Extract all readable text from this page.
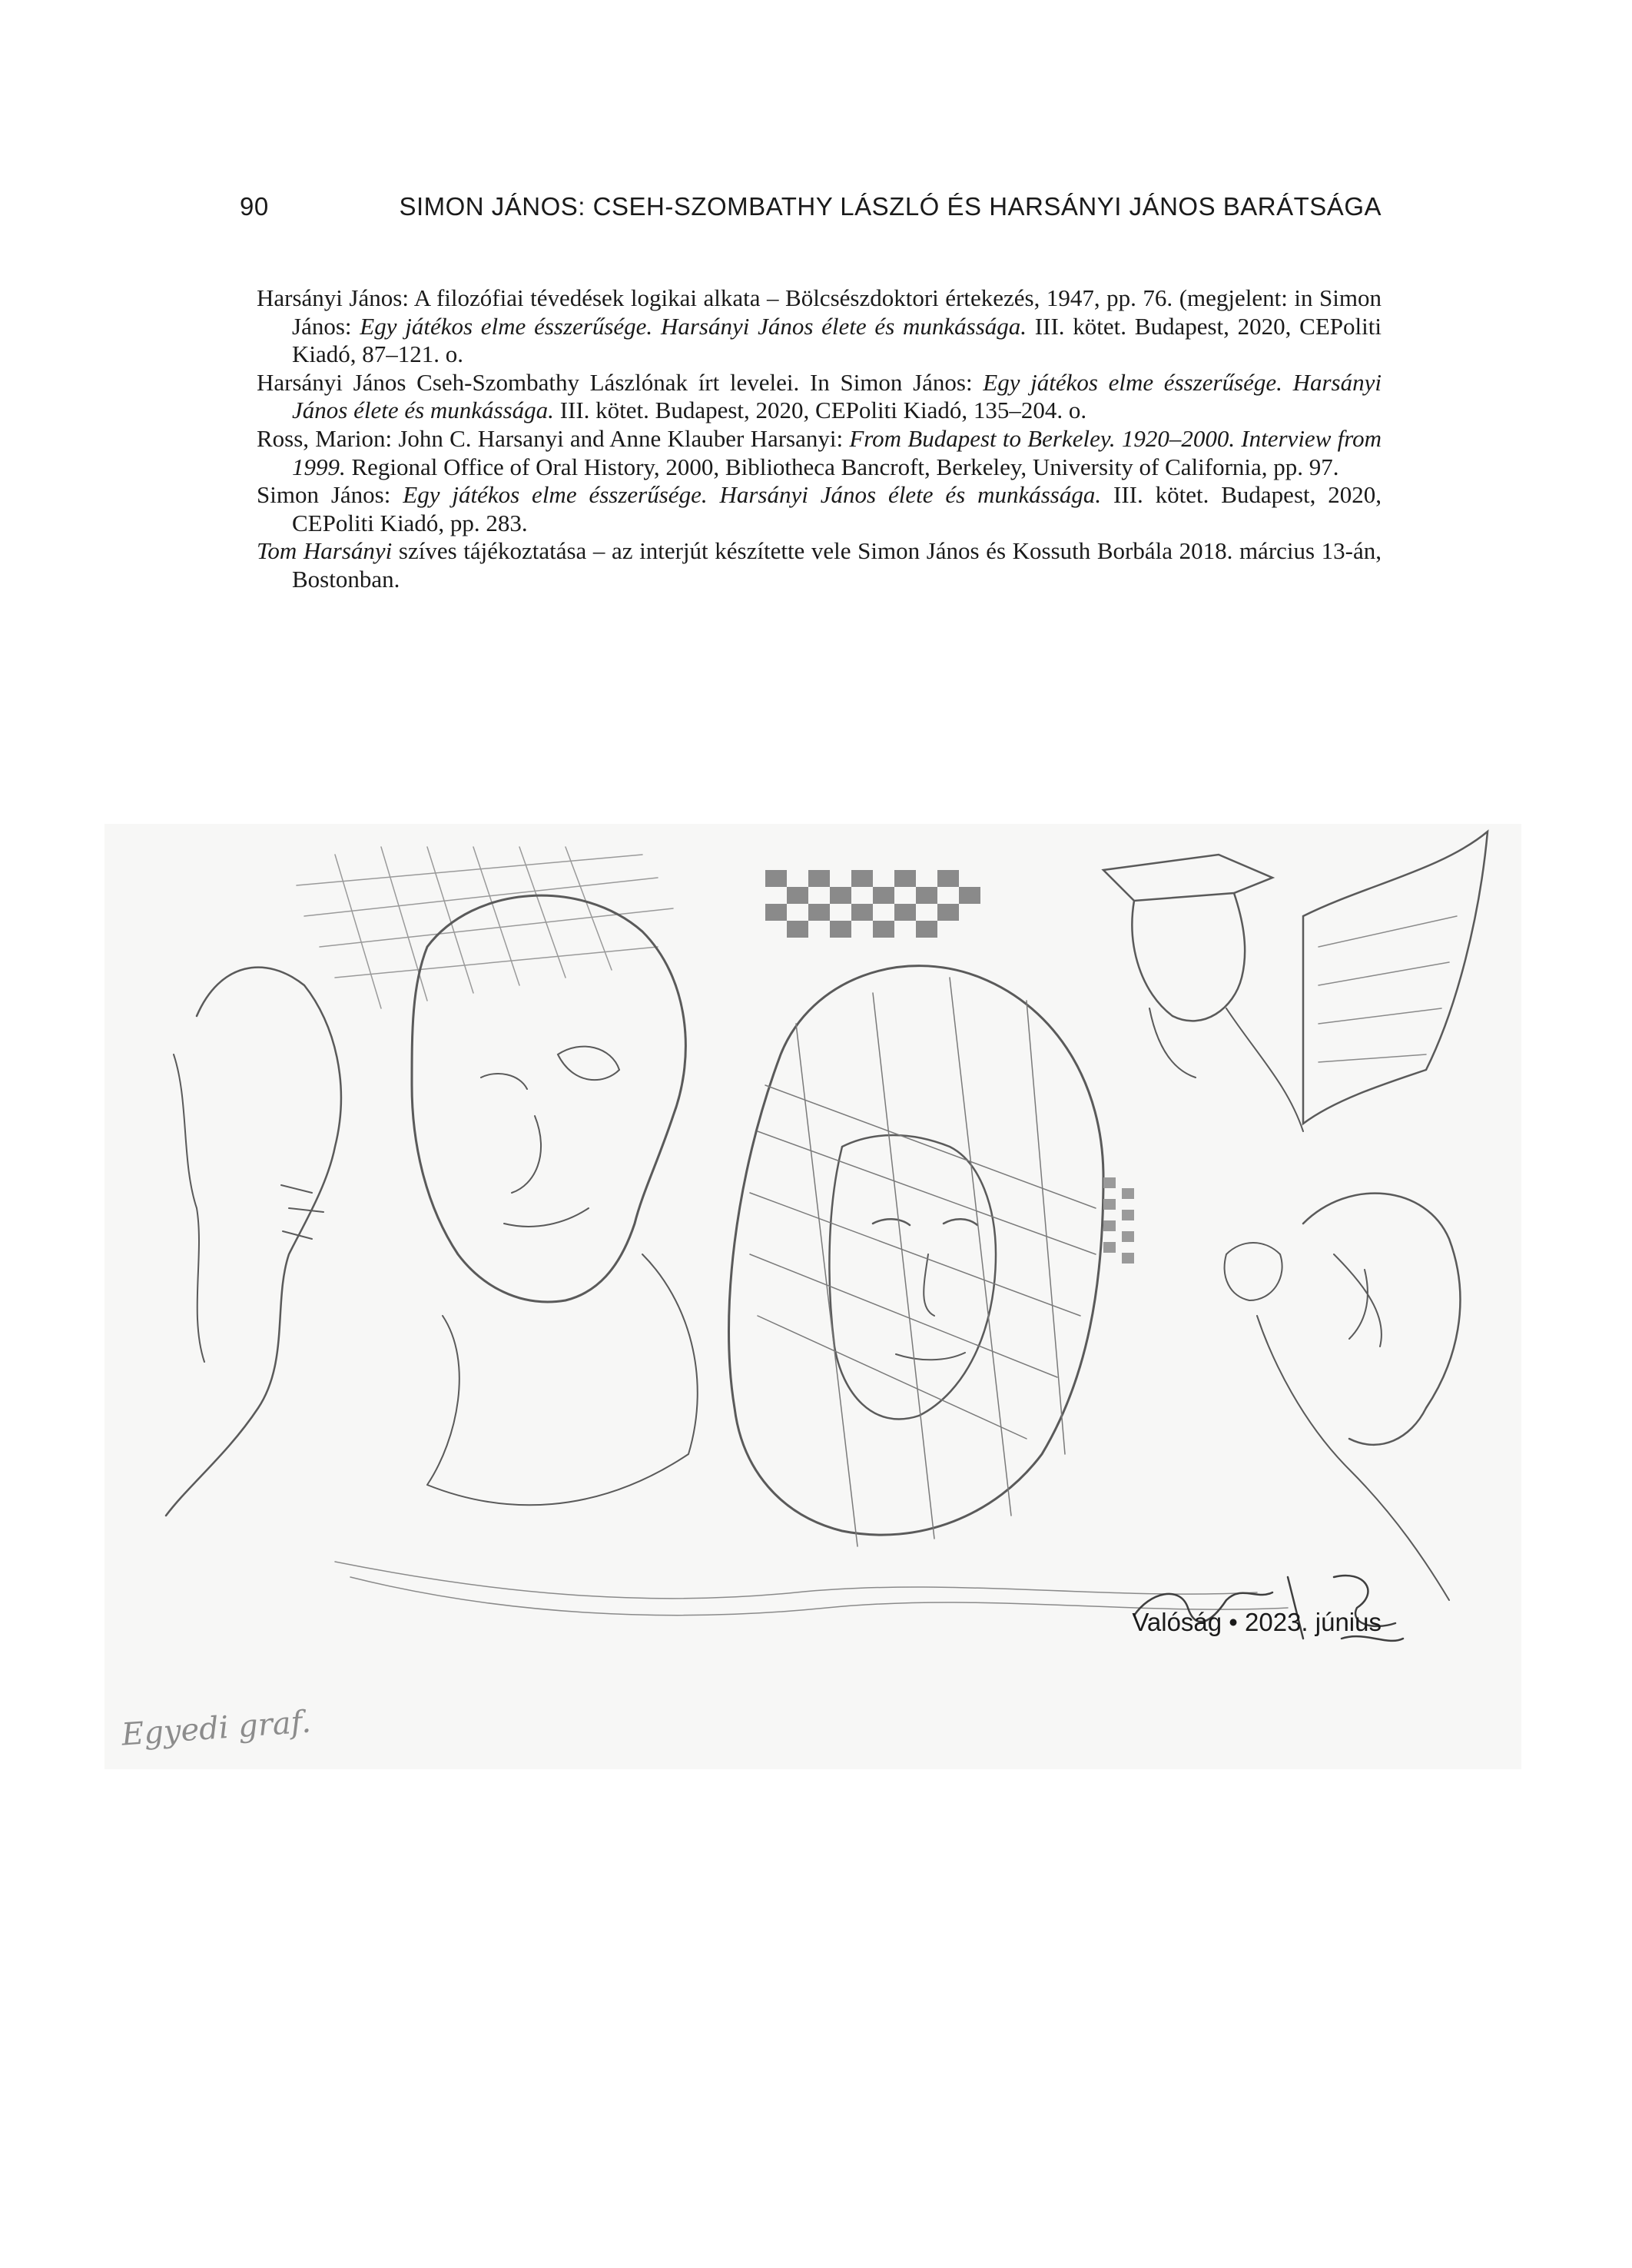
90	SIMON JÁNOS: CSEH-SZOMBATHY LÁSZLÓ ÉS HARSÁNYI JÁNOS BARÁTSÁGA

Harsányi János: A filozófiai tévedések logikai alkata – Bölcsészdoktori értekezés, 1947, pp. 76. (megjelent: in Simon János: Egy játékos elme ésszerűsége. Harsányi János élete és munkássága. III. kötet. Budapest, 2020, CEPoliti Kiadó, 87–121. o.

Harsányi János Cseh-Szombathy Lászlónak írt levelei. In Simon János: Egy játékos elme ésszerűsége. Harsányi János élete és munkássága. III. kötet. Budapest, 2020, CEPoliti Kiadó, 135–204. o.

Ross, Marion: John C. Harsanyi and Anne Klauber Harsanyi: From Budapest to Berkeley. 1920–2000. Interview from 1999. Regional Office of Oral History, 2000, Bibliotheca Bancroft, Berkeley, University of California, pp. 97.

Simon János: Egy játékos elme ésszerűsége. Harsányi János élete és munkássága. III. kötet. Budapest, 2020, CEPoliti Kiadó, pp. 283.

Tom Harsányi szíves tájékoztatása – az interjút készítette vele Simon János és Kossuth Borbála 2018. március 13-án, Bostonban.

Egyedi graf.
Valóság • 2023. június
